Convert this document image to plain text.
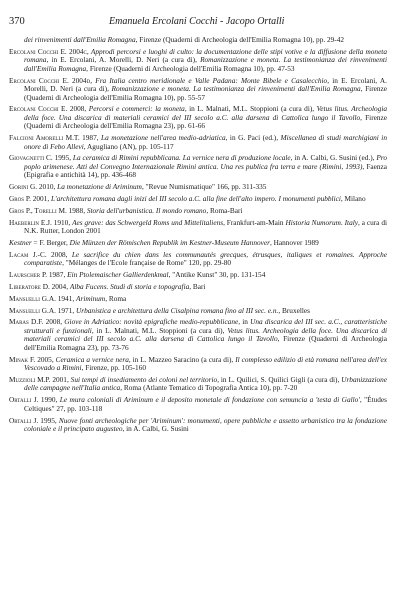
370	Emanuela Ercolani Cocchi - Jacopo Ortalli
dei rinvenimenti dall'Emilia Romagna, Firenze (Quaderni di Archeologia dell'Emilia Romagna 10), pp. 29-42
Ercolani Cocchi E. 2004c, Approdi percorsi e luoghi di culto: la documentazione delle stipi votive e la diffusione della moneta romana, in E. Ercolani, A. Morelli, D. Neri (a cura di), Romanizzazione e moneta. La testimonianza dei rinvenimenti dall'Emilia Romagna, Firenze (Quaderni di Archeologia dell'Emilia Romagna 10), pp. 47-53
Ercolani Cocchi E. 2004d, Fra Italia centro meridionale e Valle Padana: Monte Bibele e Casalecchio, in E. Ercolani, A. Morelli, D. Neri (a cura di), Romanizzazione e moneta. La testimonianza dei rinvenimenti dall'Emilia Romagna, Firenze (Quaderni di Archeologia dell'Emilia Romagna 10), pp. 55-57
Ercolani Cocchi E. 2008, Percorsi e commerci: la moneta, in L. Malnati, M.L. Stoppioni (a cura di), Vetus litus. Archeologia della foce. Una discarica di materiali ceramici del III secolo a.C. alla darsena di Cattolica lungo il Tavollo, Firenze (Quaderni di Archeologia dell'Emilia Romagna 23), pp. 61-66
Falcioni Amorelli M.T. 1987, La monetazione nell'area medio-adriatica, in G. Paci (ed.), Miscellanea di studi marchigiani in onore di Febo Allevi, Agugliano (AN), pp. 105-117
Giovagnetti C. 1995, La ceramica di Rimini repubblicana. La vernice nera di produzione locale, in A. Calbi, G. Susini (ed.), Pro poplo arimenese. Atti del Convegno Internazionale Rimini antica. Una res publica fra terra e mare (Rimini, 1993), Faenza (Epigrafia e antichità 14), pp. 436-468
Gorini G. 2010, La monetazione di Ariminum, "Revue Numismatique" 166, pp. 311-335
Gros P. 2001, L'architettura romana dagli inizi del III secolo a.C. alla fine dell'alto impero. I monumenti pubblici, Milano
Gros P., Torelli M. 1988, Storia dell'urbanistica. Il mondo romano, Roma-Bari
Haeberlin E.J. 1910, Aes grave: das Schwergeld Roms und Mittelitaliens, Frankfurt-am-Main Historia Numorum. Italy, a cura di N.K. Rutter, London 2001
Kestner = F. Berger, Die Münzen der Römischen Republik im Kestner-Museum Hannover, Hannover 1989
Lacam J.-C. 2008, Le sacrifice du chien dans les communautés grecques, étrusques, italiques et romaines. Approche comparatiste, "Mélanges de l'Ecole française de Rome" 120, pp. 29-80
Laurscher P. 1987, Ein Ptolemaischer Gallierdenkmal, "Antike Kunst" 30, pp. 131-154
Liberatore D. 2004, Alba Fucens. Studi di storia e topografia, Bari
Mansuelli G.A. 1941, Ariminum, Roma
Mansuelli G.A. 1971, Urbanistica e architettura della Cisalpina romana fino al III sec. e.n., Bruxelles
Maras D.F. 2008, Giove in Adriatico: novità epigrafiche medio-repubblicane, in Una discarica del III sec. a.C., caratteristiche strutturali e funzionali, in L. Malnati, M.L. Stoppioni (a cura di), Vetus litus. Archeologia della foce. Una discarica di materiali ceramici del III secolo a.C. alla darsena di Cattolica lungo il Tavollo, Firenze (Quaderni di Archeologia dell'Emilia Romagna 23), pp. 73-76
Minak F. 2005, Ceramica a vernice nera, in L. Mazzeo Saracino (a cura di), Il complesso edilizio di età romana nell'area dell'ex Vescovado a Rimini, Firenze, pp. 105-160
Muzzioli M.P. 2001, Sui tempi di insediamento dei coloni nel territorio, in L. Quilici, S. Quilici Gigli (a cura di), Urbanizzazione delle campagne nell'Italia antica, Roma (Atlante Tematico di Topografia Antica 10), pp. 7-20
Ortalli J. 1990, Le mura coloniali di Ariminum e il deposito monetale di fondazione con semuncia a 'testa di Gallo', "Études Celtiques" 27, pp. 103-118
Ortalli J. 1995, Nuove fonti archeologiche per 'Ariminum': monumenti, opere pubbliche e assetto urbanistico tra la fondazione coloniale e il principato augusteo, in A. Calbi, G. Susini
